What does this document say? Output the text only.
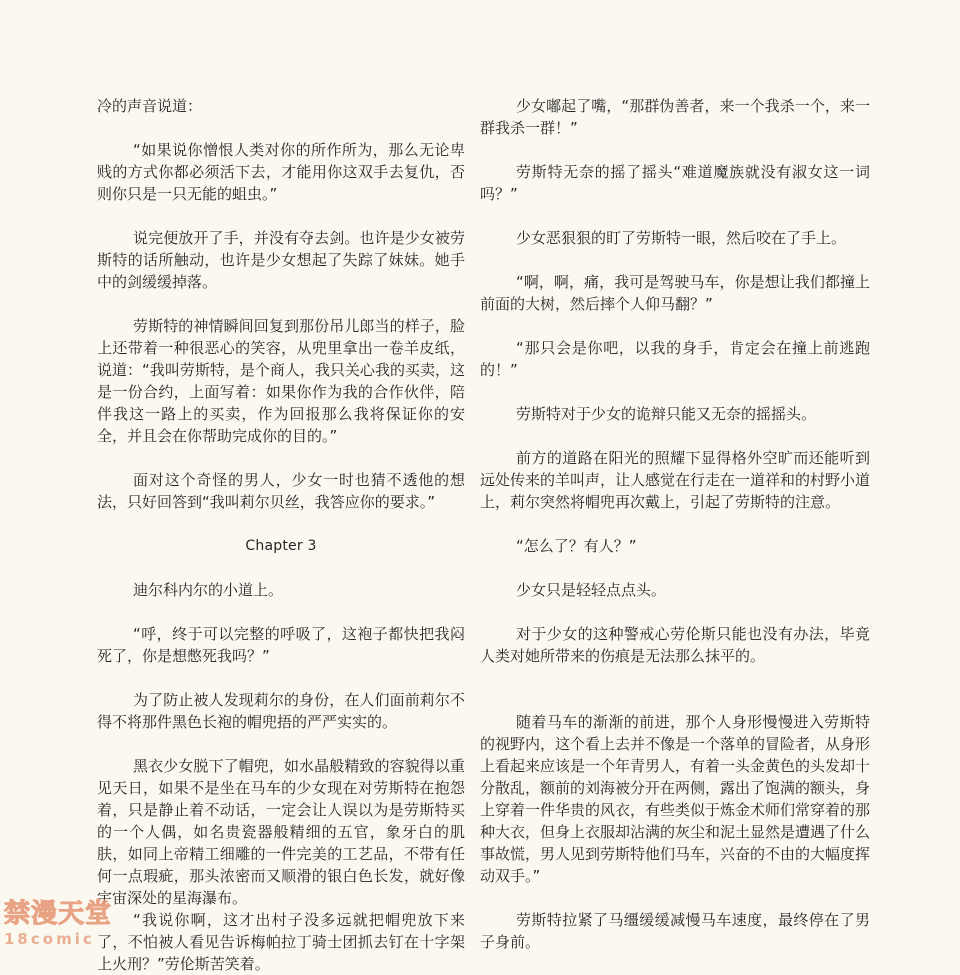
冷的声音说道：

“如果说你憎恨人类对你的所作所为，那么无论卑贱的方式你都必须活下去，才能用你这双手去复仇，否则你只是一只无能的蛆虫。”

说完便放开了手，并没有夺去剑。也许是少女被劳斯特的话所触动，也许是少女想起了失踪了妹妹。她手中的剑缓缓掉落。

劳斯特的神情瞬间回复到那份吊儿郎当的样子，脸上还带着一种很恶心的笑容，从兜里拿出一卷羊皮纸，说道：“我叫劳斯特，是个商人，我只关心我的买卖，这是一份合约，上面写着：如果你作为我的合作伙伴，陪伴我这一路上的买卖，作为回报那么我将保证你的安全，并且会在你帮助完成你的目的。”

面对这个奇怪的男人，少女一时也猜不透他的想法，只好回答到“我叫莉尔贝丝，我答应你的要求。”

Chapter 3

迪尔科内尔的小道上。

“呼，终于可以完整的呼吸了，这袍子都快把我闷死了，你是想憋死我吗？”

为了防止被人发现莉尔的身份，在人们面前莉尔不得不将那件黑色长袍的帽兜捂的严严实实的。

黑衣少女脱下了帽兜，如水晶般精致的容貌得以重见天日，如果不是坐在马车的少女现在对劳斯特在抱怨着，只是静止着不动话，一定会让人误以为是劳斯特买的一个人偶，如名贵瓷器般精细的五官，象牙白的肌肤，如同上帝精工细雕的一件完美的工艺品，不带有任何一点瑕疵，那头浓密而又顺滑的银白色长发，就好像宇宙深处的星海瀑布。

“我说你啊，这才出村子没多远就把帽兜放下来了，不怕被人看见告诉梅帕拉丁骑士团抓去钉在十字架上火刑？”劳伦斯苦笑着。

少女嘟起了嘴，“那群伪善者，来一个我杀一个，来一群我杀一群！”

劳斯特无奈的摇了摇头“难道魔族就没有淑女这一词吗？”

少女恶狠狠的盯了劳斯特一眼，然后咬在了手上。

“啊，啊，痛，我可是驾驶马车，你是想让我们都撞上前面的大树，然后摔个人仰马翻？”

“那只会是你吧，以我的身手，肯定会在撞上前逃跑的！”

劳斯特对于少女的诡辩只能又无奈的摇摇头。

前方的道路在阳光的照耀下显得格外空旷而还能听到远处传来的羊叫声，让人感觉在行走在一道祥和的村野小道上，莉尔突然将帽兜再次戴上，引起了劳斯特的注意。

“怎么了？有人？”

少女只是轻轻点点头。

对于少女的这种警戒心劳伦斯只能也没有办法，毕竟人类对她所带来的伤痕是无法那么抹平的。

随着马车的渐渐的前进，那个人身形慢慢进入劳斯特的视野内，这个看上去并不像是一个落单的冒险者，从身形上看起来应该是一个年青男人，有着一头金黄色的头发却十分散乱，额前的刘海被分开在两侧，露出了饱满的额头，身上穿着一件华贵的风衣，有些类似于炼金术师们常穿着的那种大衣，但身上衣服却沾满的灰尘和泥土显然是遭遇了什么事故慌，男人见到劳斯特他们马车，兴奋的不由的大幅度挥动双手。”

劳斯特拉紧了马缰缓缓减慢马车速度，最终停在了男子身前。

禁漫天堂
18comic
